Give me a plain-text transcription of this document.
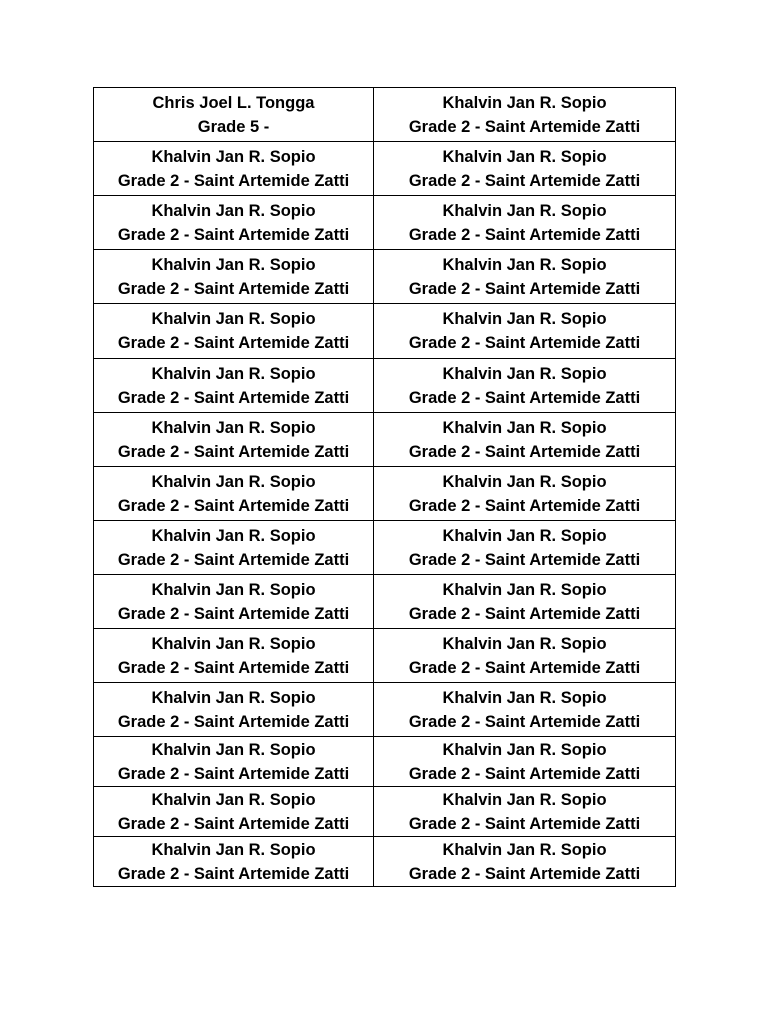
Chris Joel L. Tongga
Grade 5 -	Khalvin Jan R. Sopio
Grade 2 - Saint Artemide Zatti

Khalvin Jan R. Sopio
Grade 2 - Saint Artemide Zatti	Khalvin Jan R. Sopio
Grade 2 - Saint Artemide Zatti

Khalvin Jan R. Sopio
Grade 2 - Saint Artemide Zatti	Khalvin Jan R. Sopio
Grade 2 - Saint Artemide Zatti

Khalvin Jan R. Sopio
Grade 2 - Saint Artemide Zatti	Khalvin Jan R. Sopio
Grade 2 - Saint Artemide Zatti

Khalvin Jan R. Sopio
Grade 2 - Saint Artemide Zatti	Khalvin Jan R. Sopio
Grade 2 - Saint Artemide Zatti

Khalvin Jan R. Sopio
Grade 2 - Saint Artemide Zatti	Khalvin Jan R. Sopio
Grade 2 - Saint Artemide Zatti

Khalvin Jan R. Sopio
Grade 2 - Saint Artemide Zatti	Khalvin Jan R. Sopio
Grade 2 - Saint Artemide Zatti

Khalvin Jan R. Sopio
Grade 2 - Saint Artemide Zatti	Khalvin Jan R. Sopio
Grade 2 - Saint Artemide Zatti

Khalvin Jan R. Sopio
Grade 2 - Saint Artemide Zatti	Khalvin Jan R. Sopio
Grade 2 - Saint Artemide Zatti

Khalvin Jan R. Sopio
Grade 2 - Saint Artemide Zatti	Khalvin Jan R. Sopio
Grade 2 - Saint Artemide Zatti

Khalvin Jan R. Sopio
Grade 2 - Saint Artemide Zatti	Khalvin Jan R. Sopio
Grade 2 - Saint Artemide Zatti

Khalvin Jan R. Sopio
Grade 2 - Saint Artemide Zatti	Khalvin Jan R. Sopio
Grade 2 - Saint Artemide Zatti

Khalvin Jan R. Sopio
Grade 2 - Saint Artemide Zatti	Khalvin Jan R. Sopio
Grade 2 - Saint Artemide Zatti

Khalvin Jan R. Sopio
Grade 2 - Saint Artemide Zatti	Khalvin Jan R. Sopio
Grade 2 - Saint Artemide Zatti

Khalvin Jan R. Sopio
Grade 2 - Saint Artemide Zatti	Khalvin Jan R. Sopio
Grade 2 - Saint Artemide Zatti
